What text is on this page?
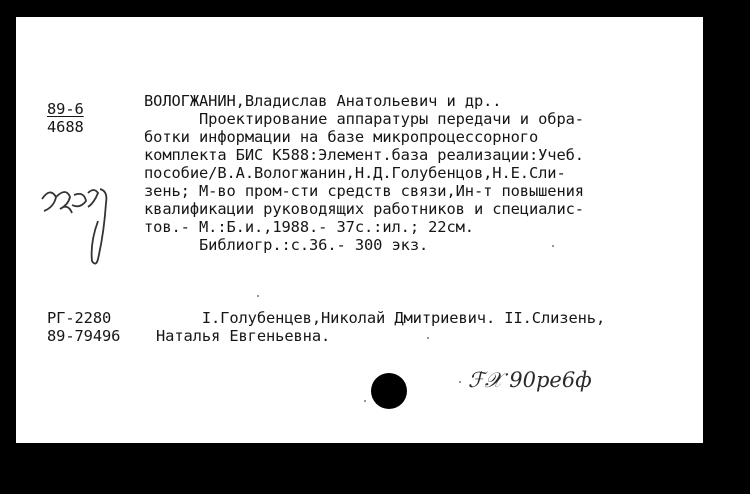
89-6
4688
ВОЛОГЖАНИН,Владислав Анатольевич и др..
Проектирование аппаратуры передачи и обра-
ботки информации на базе микропроцессорного
комплекта БИС К588:Элемент.база реализации:Учеб.
пособие/В.А.Вологжанин,Н.Д.Голубенцов,Н.Е.Сли-
зень; М-во пром-сти средств связи,Ин-т повышения
квалификации руководящих работников и специалис-
тов.- М.:Б.и.,1988.- 37с.:ил.; 22см.
Библиогр.:с.36.- 300 экз.
РГ-2280
89-79496
I.Голубенцев,Николай Дмитриевич. II.Слизень,
Наталья Евгеньевна.
ℱ𝒳 90ре6ф
